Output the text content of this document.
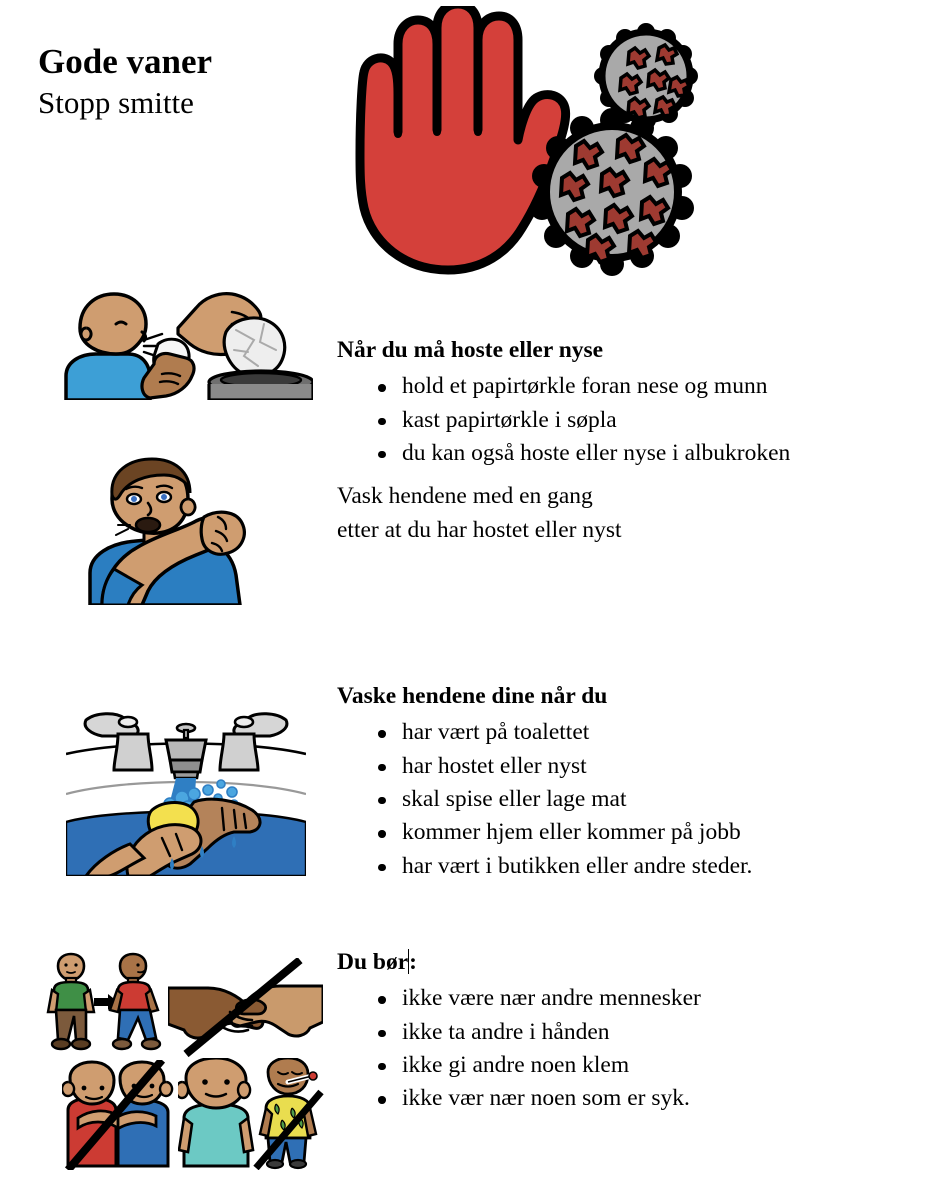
Gode vaner
Stopp smitte
Når du må hoste eller nyse
hold et papirtørkle foran nese og munn
kast papirtørkle i søpla
du kan også hoste eller nyse i albukroken

Vask hendene med en gang
etter at du har hostet eller nyst

Vaske hendene dine når du
har vært på toalettet
har hostet eller nyst
skal spise eller lage mat
kommer hjem eller kommer på jobb
har vært i butikken eller andre steder.
Du bør:
ikke være nær andre mennesker
ikke ta andre i hånden
ikke gi andre noen klem
ikke vær nær noen som er syk.
